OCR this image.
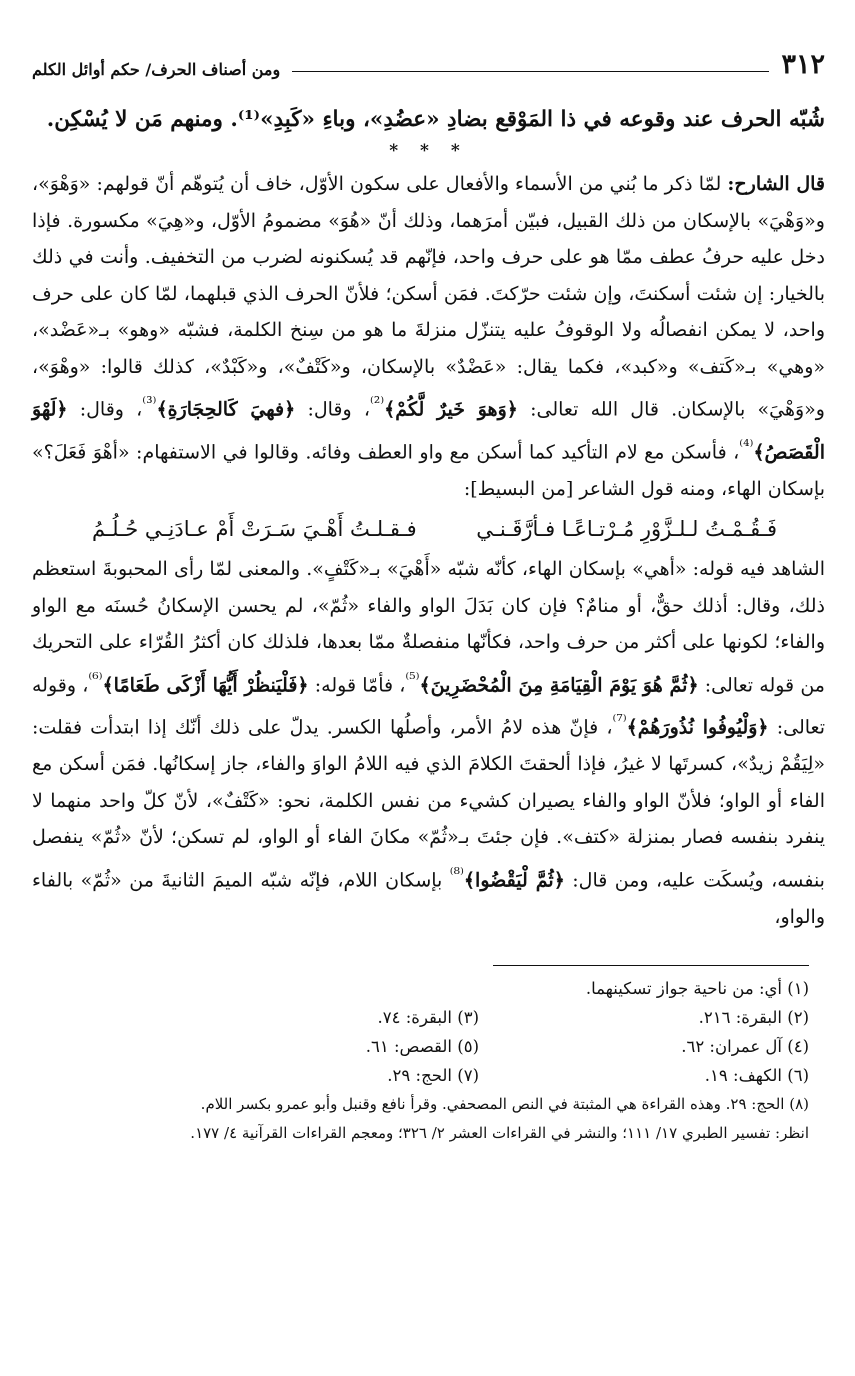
٣١٢
ومن أصناف الحرف/ حكم أوائل الكلم
شُبّه الحرف عند وقوعه في ذا المَوْقع بضادِ «عضُدِ»، وباءِ «كَبِدِ»⁽¹⁾. ومنهم مَن لا يُسْكِن.
* * *

قال الشارح: لمّا ذكر ما بُني من الأسماء والأفعال على سكون الأوّل، خاف أن يُتوهّم أنّ قولهم: «وَهْوَ»، و«وَهْيَ» بالإسكان من ذلك القبيل، فبيّن أمرَهما، وذلك أنّ «هُوَ» مضمومُ الأوّل، و«هِيَ» مكسورة. فإذا دخل عليه حرفُ عطف ممّا هو على حرف واحد، فإنّهم قد يُسكنونه لضرب من التخفيف. وأنت في ذلك بالخيار: إن شئت أسكنتَ، وإن شئت حرّكتَ. فمَن أسكن؛ فلأنّ الحرف الذي قبلهما، لمّا كان على حرف واحد، لا يمكن انفصالُه ولا الوقوفُ عليه يتنزّل منزلةَ ما هو من سِنخ الكلمة، فشبّه «وهو» بـ«عَضْد»، «وهي» بـ«كَتف» و«كبد»، فكما يقال: «عَضْدٌ» بالإسكان، و«كَتْفٌ»، و«كَبْدٌ»، كذلك قالوا: «وهْوَ»، و«وَهْيَ» بالإسكان. قال الله تعالى: ﴿وَهوَ خَيرٌ لَّكُمْ﴾$^{^{(2)}}$، وقال: ﴿فهيَ كَالحِجَارَةِ﴾$^{^{(3)}}$، وقال: ﴿لَهْوَ الْقَصَصُ﴾$^{^{(4)}}$، فأسكن مع لام التأكيد كما أسكن مع واو العطف وفائه. وقالوا في الاستفهام: «أهْوَ فَعَلَ؟» بإسكان الهاء، ومنه قول الشاعر [من البسيط]:

فَـقُـمْـتُ لـلـزَّوْرِ مُـرْتـاعًـا فـأرَّقَـنـي
فـقـلـتُ أَهْـيَ سَـرَتْ أَمْ عـادَنِـي حُـلُـمُ

الشاهد فيه قوله: «أهي» بإسكان الهاء، كأنّه شبّه «أَهْيَ» بـ«كَتْفٍ». والمعنى لمّا رأى المحبوبةَ استعظم ذلك، وقال: أذلك حقٌّ، أو منامٌ؟ فإن كان بَدَلَ الواو والفاء «ثُمّ»، لم يحسن الإسكانُ حُسنَه مع الواو والفاء؛ لكونها على أكثر من حرف واحد، فكأنّها منفصلةٌ ممّا بعدها، فلذلك كان أكثرُ القُرّاء على التحريك من قوله تعالى: ﴿ثُمَّ هُوَ يَوْمَ الْقِيَامَةِ مِنَ الْمُحْضَرِينَ﴾$^{^{(5)}}$، فأمّا قوله: ﴿فَلْيَنظُرْ أَيُّهَا أَزْكَى طَعَامًا﴾$^{^{(6)}}$، وقوله تعالى: ﴿وَلْيُوفُوا نُذُورَهُمْ﴾$^{^{(7)}}$، فإنّ هذه لامُ الأمر، وأصلُها الكسر. يدلّ على ذلك أنّك إذا ابتدأت فقلت: «لِيَقُمْ زيدٌ»، كسرتَها لا غيرُ، فإذا ألحقتَ الكلامَ الذي فيه اللامُ الواوَ والفاء، جاز إسكانُها. فمَن أسكن مع الفاء أو الواو؛ فلأنّ الواو والفاء يصيران كشيء من نفس الكلمة، نحو: «كَتْفٌ»، لأنّ كلّ واحد منهما لا ينفرد بنفسه فصار بمنزلة «كتف». فإن جئتَ بـ«ثُمّ» مكانَ الفاء أو الواو، لم تسكن؛ لأنّ «ثُمّ» ينفصل بنفسه، ويُسكَت عليه، ومن قال: ﴿ثُمَّ لْيَقْضُوا﴾$^{^{(8)}}$ بإسكان اللام، فإنّه شبّه الميمَ الثانيةَ من «ثُمّ» بالفاء والواو،

(١) أي: من ناحية جواز تسكينهما.
(٢) البقرة: ٢١٦.
(٣) البقرة: ٧٤.
(٤) آل عمران: ٦٢.
(٥) القصص: ٦١.
(٦) الكهف: ١٩.
(٧) الحج: ٢٩.
(٨) الحج: ٢٩. وهذه القراءة هي المثبتة في النص المصحفي. وقرأ نافع وقنبل وأبو عمرو بكسر اللام.
انظر: تفسير الطبري ١٧/ ١١١؛ والنشر في القراءات العشر ٢/ ٣٢٦؛ ومعجم القراءات القرآنية ٤/ ١٧٧.
